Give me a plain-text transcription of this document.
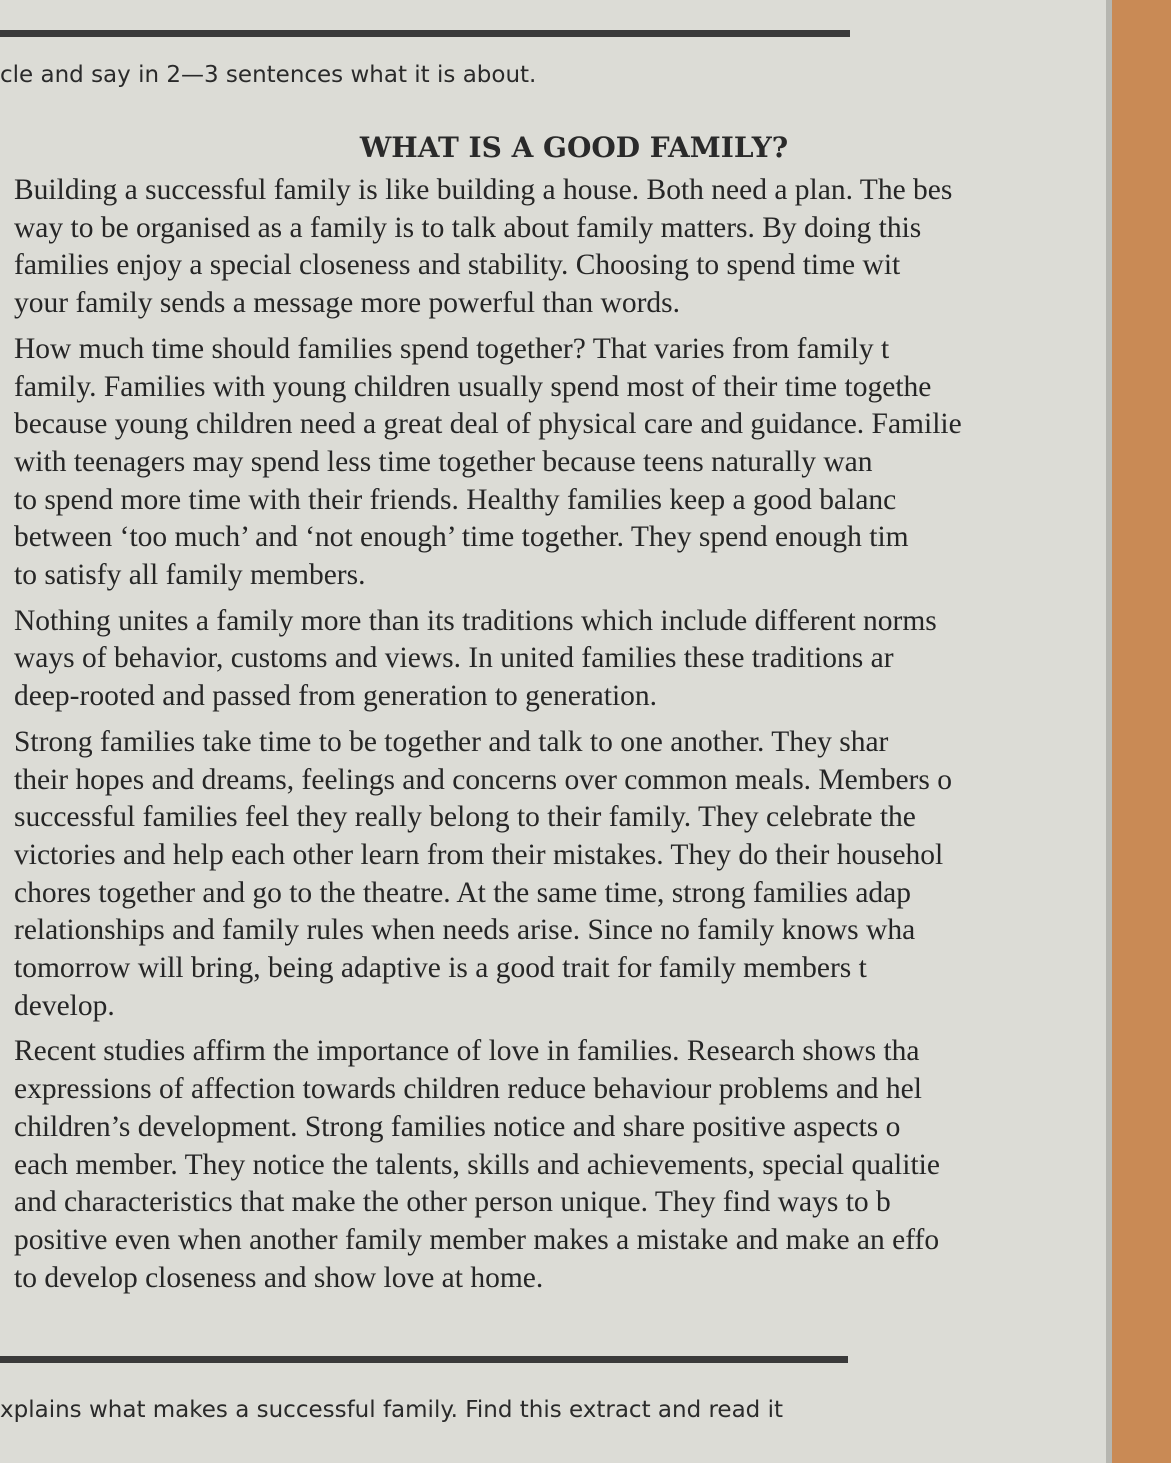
cle and say in 2—3 sentences what it is about.
WHAT IS A GOOD FAMILY?

Building a successful family is like building a house. Both need a plan. The bes
way to be organised as a family is to talk about family matters. By doing this
families enjoy a special closeness and stability. Choosing to spend time wit
your family sends a message more powerful than words.

How much time should families spend together? That varies from family t
family. Families with young children usually spend most of their time togethe
because young children need a great deal of physical care and guidance. Familie
with teenagers may spend less time together because teens naturally wan
to spend more time with their friends. Healthy families keep a good balanc
between ‘too much’ and ‘not enough’ time together. They spend enough tim
to satisfy all family members.

Nothing unites a family more than its traditions which include different norms
ways of behavior, customs and views. In united families these traditions ar
deep-rooted and passed from generation to generation.

Strong families take time to be together and talk to one another. They shar
their hopes and dreams, feelings and concerns over common meals. Members o
successful families feel they really belong to their family. They celebrate the
victories and help each other learn from their mistakes. They do their househol
chores together and go to the theatre. At the same time, strong families adap
relationships and family rules when needs arise. Since no family knows wha
tomorrow will bring, being adaptive is a good trait for family members t
develop.

Recent studies affirm the importance of love in families. Research shows tha
expressions of affection towards children reduce behaviour problems and hel
children’s development. Strong families notice and share positive aspects o
each member. They notice the talents, skills and achievements, special qualitie
and characteristics that make the other person unique. They find ways to b
positive even when another family member makes a mistake and make an effo
to develop closeness and show love at home.

xplains what makes a successful family. Find this extract and read it
